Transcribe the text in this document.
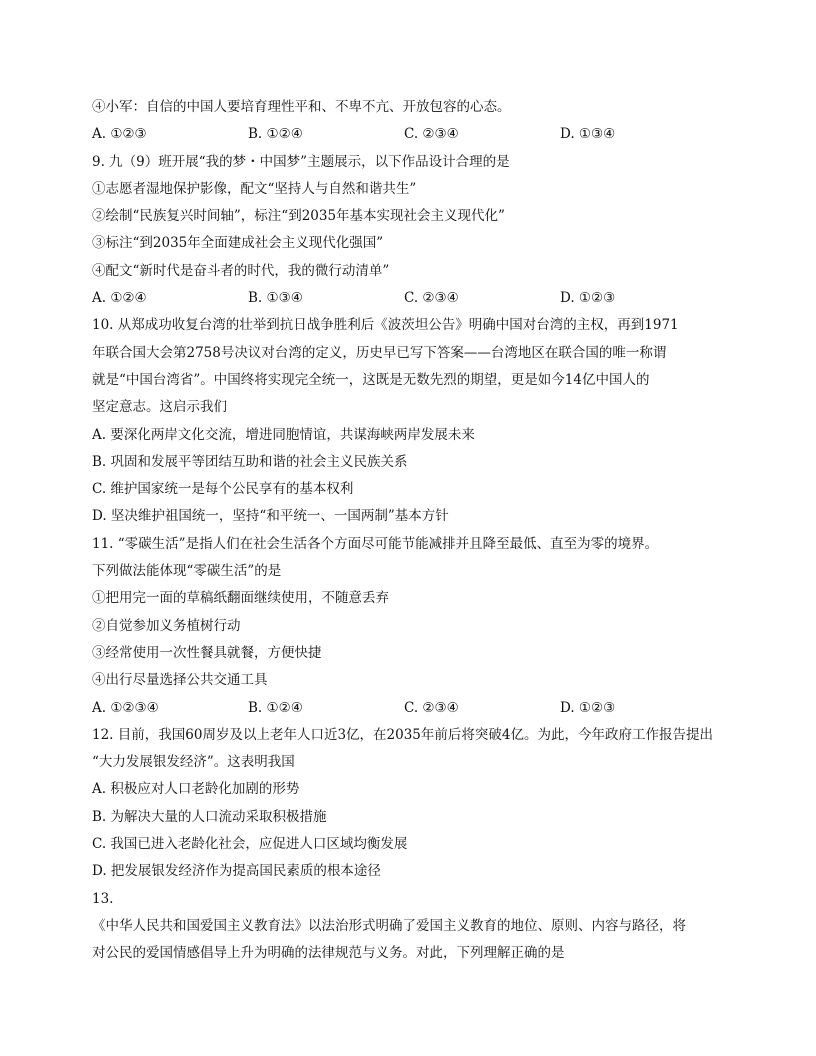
④小军：自信的中国人要培育理性平和、不卑不亢、开放包容的心态。
A. ①②③	B. ①②④	C. ②③④	D. ①③④
9. 九（9）班开展“我的梦・中国梦”主题展示，以下作品设计合理的是
①志愿者湿地保护影像，配文“坚持人与自然和谐共生”
②绘制“民族复兴时间轴”，标注“到2035年基本实现社会主义现代化”
③标注“到2035年全面建成社会主义现代化强国”
④配文“新时代是奋斗者的时代，我的微行动清单”
A. ①②④	B. ①③④	C. ②③④	D. ①②③
10. 从郑成功收复台湾的壮举到抗日战争胜利后《波茨坦公告》明确中国对台湾的主权，再到1971
年联合国大会第2758号决议对台湾的定义，历史早已写下答案——台湾地区在联合国的唯一称谓
就是“中国台湾省”。中国终将实现完全统一，这既是无数先烈的期望，更是如今14亿中国人的
坚定意志。这启示我们
A. 要深化两岸文化交流，增进同胞情谊，共谋海峡两岸发展未来
B. 巩固和发展平等团结互助和谐的社会主义民族关系
C. 维护国家统一是每个公民享有的基本权利
D. 坚决维护祖国统一，坚持“和平统一、一国两制”基本方针
11. “零碳生活”是指人们在社会生活各个方面尽可能节能减排并且降至最低、直至为零的境界。
下列做法能体现“零碳生活”的是
①把用完一面的草稿纸翻面继续使用，不随意丢弃
②自觉参加义务植树行动
③经常使用一次性餐具就餐，方便快捷
④出行尽量选择公共交通工具
A. ①②③④	B. ①②④	C. ②③④	D. ①②③
12. 目前，我国60周岁及以上老年人口近3亿，在2035年前后将突破4亿。为此，今年政府工作报告提出
“大力发展银发经济”。这表明我国
A. 积极应对人口老龄化加剧的形势
B. 为解决大量的人口流动采取积极措施
C. 我国已进入老龄化社会，应促进人口区域均衡发展
D. 把发展银发经济作为提高国民素质的根本途径
13.
《中华人民共和国爱国主义教育法》以法治形式明确了爱国主义教育的地位、原则、内容与路径，将
对公民的爱国情感倡导上升为明确的法律规范与义务。对此，下列理解正确的是
